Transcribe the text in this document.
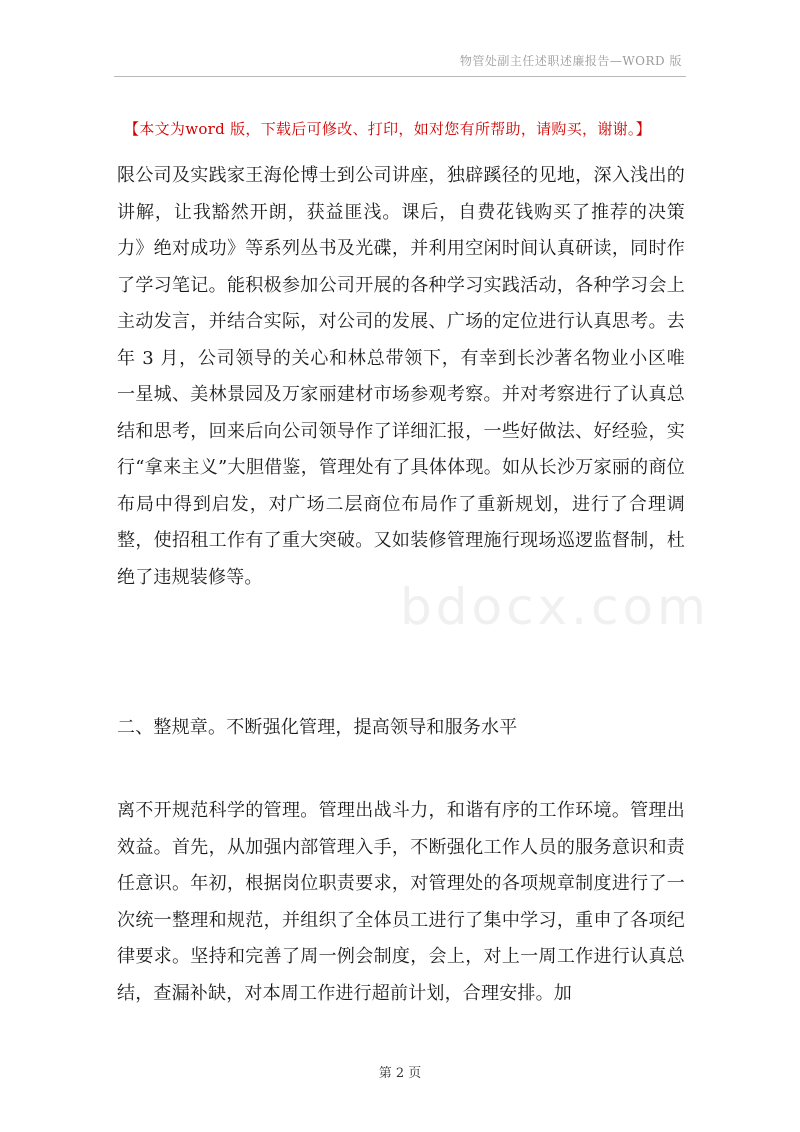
物管处副主任述职述廉报告—WORD 版
【本文为word 版，下载后可修改、打印，如对您有所帮助，请购买，谢谢。】
限公司及实践家王海伦博士到公司讲座，独辟蹊径的见地，深入浅出的讲解，让我豁然开朗，获益匪浅。课后，自费花钱购买了推荐的决策力》绝对成功》等系列丛书及光碟，并利用空闲时间认真研读，同时作了学习笔记。能积极参加公司开展的各种学习实践活动，各种学习会上主动发言，并结合实际，对公司的发展、广场的定位进行认真思考。去年 3 月，公司领导的关心和林总带领下，有幸到长沙著名物业小区唯一星城、美林景园及万家丽建材市场参观考察。并对考察进行了认真总结和思考，回来后向公司领导作了详细汇报，一些好做法、好经验，实行“拿来主义”大胆借鉴，管理处有了具体体现。如从长沙万家丽的商位布局中得到启发，对广场二层商位布局作了重新规划，进行了合理调整，使招租工作有了重大突破。又如装修管理施行现场巡逻监督制，杜绝了违规装修等。
二、整规章。不断强化管理，提高领导和服务水平
离不开规范科学的管理。管理出战斗力，和谐有序的工作环境。管理出效益。首先，从加强内部管理入手，不断强化工作人员的服务意识和责任意识。年初，根据岗位职责要求，对管理处的各项规章制度进行了一次统一整理和规范，并组织了全体员工进行了集中学习，重申了各项纪律要求。坚持和完善了周一例会制度，会上，对上一周工作进行认真总结，查漏补缺，对本周工作进行超前计划，合理安排。加
bdocx.com
第 2 页
